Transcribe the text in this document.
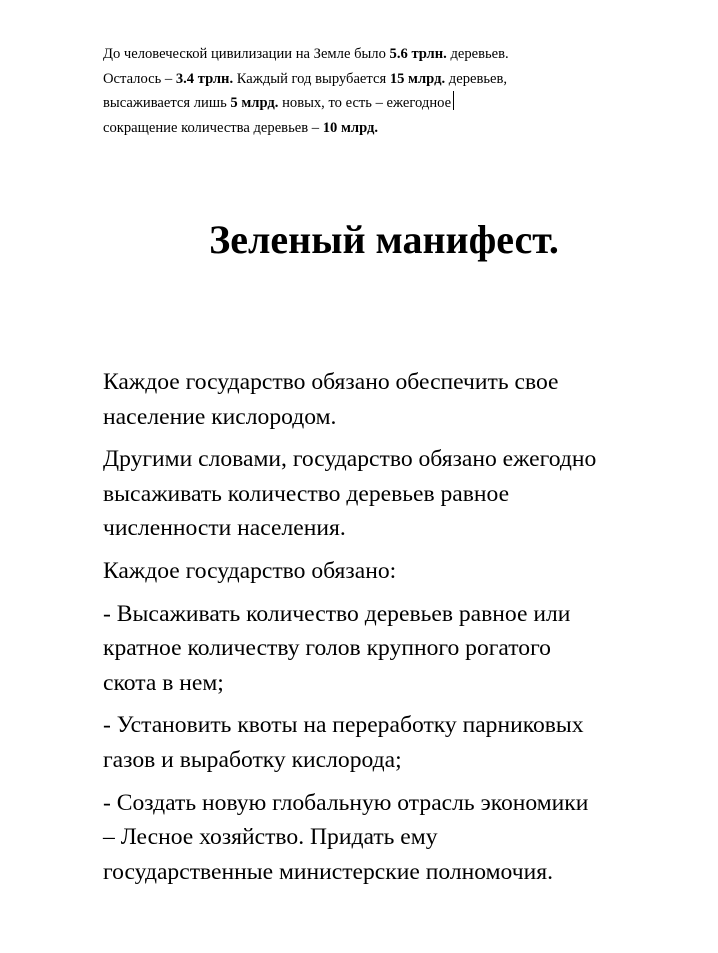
До человеческой цивилизации на Земле было 5.6 трлн. деревьев.

Осталось – 3.4 трлн. Каждый год вырубается 15 млрд. деревьев,

высаживается лишь 5 млрд. новых, то есть – ежегодное

сокращение количества деревьев – 10 млрд.

Зеленый манифест.

Каждое государство обязано обеспечить свое
население кислородом.

Другими словами, государство обязано ежегодно
высаживать количество деревьев равное
численности населения.

Каждое государство обязано:

- Высаживать количество деревьев равное или
кратное количеству голов крупного рогатого
скота в нем;

- Установить квоты на переработку парниковых
газов и выработку кислорода;

- Создать новую глобальную отрасль экономики
– Лесное хозяйство. Придать ему
государственные министерские полномочия.
